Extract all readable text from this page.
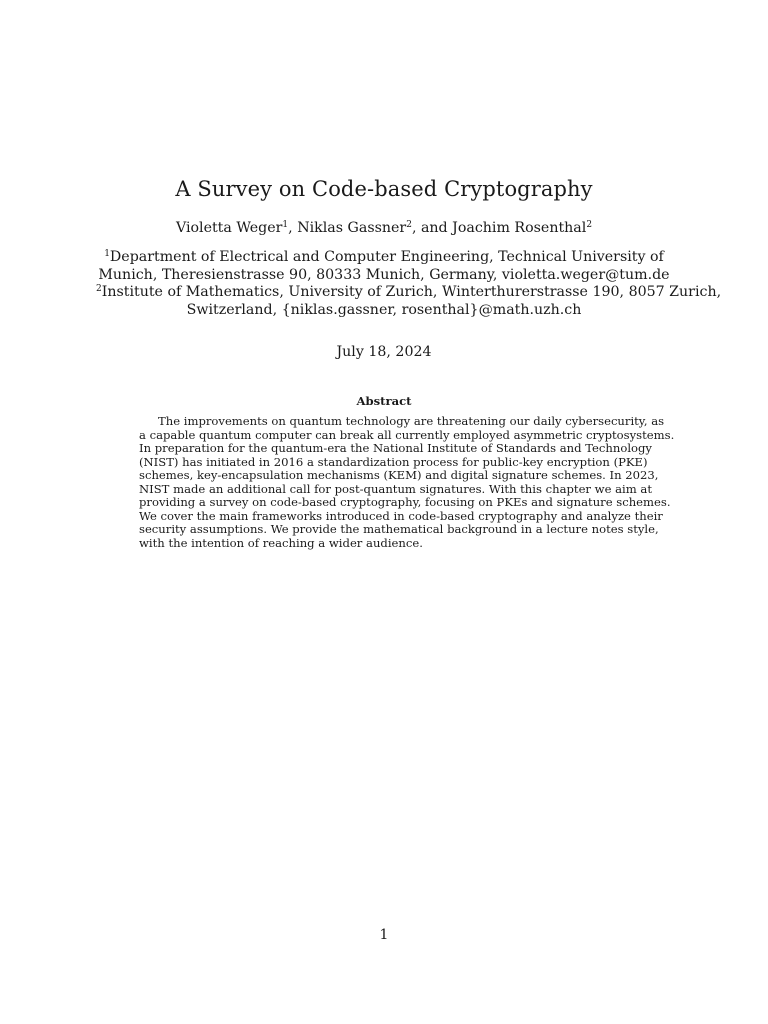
A Survey on Code-based Cryptography
Violetta Weger$^1$, Niklas Gassner$^2$, and Joachim Rosenthal$^2$
$^1$Department of Electrical and Computer Engineering, Technical University of
Munich, Theresienstrasse 90, 80333 Munich, Germany, violetta.weger@tum.de
$^2$Institute of Mathematics, University of Zurich, Winterthurerstrasse 190, 8057 Zurich,
Switzerland, {niklas.gassner, rosenthal}@math.uzh.ch
July 18, 2024
Abstract
The improvements on quantum technology are threatening our daily cybersecurity, as
a capable quantum computer can break all currently employed asymmetric cryptosystems.
In preparation for the quantum-era the National Institute of Standards and Technology
(NIST) has initiated in 2016 a standardization process for public-key encryption (PKE)
schemes, key-encapsulation mechanisms (KEM) and digital signature schemes. In 2023,
NIST made an additional call for post-quantum signatures. With this chapter we aim at
providing a survey on code-based cryptography, focusing on PKEs and signature schemes.
We cover the main frameworks introduced in code-based cryptography and analyze their
security assumptions. We provide the mathematical background in a lecture notes style,
with the intention of reaching a wider audience.
1
